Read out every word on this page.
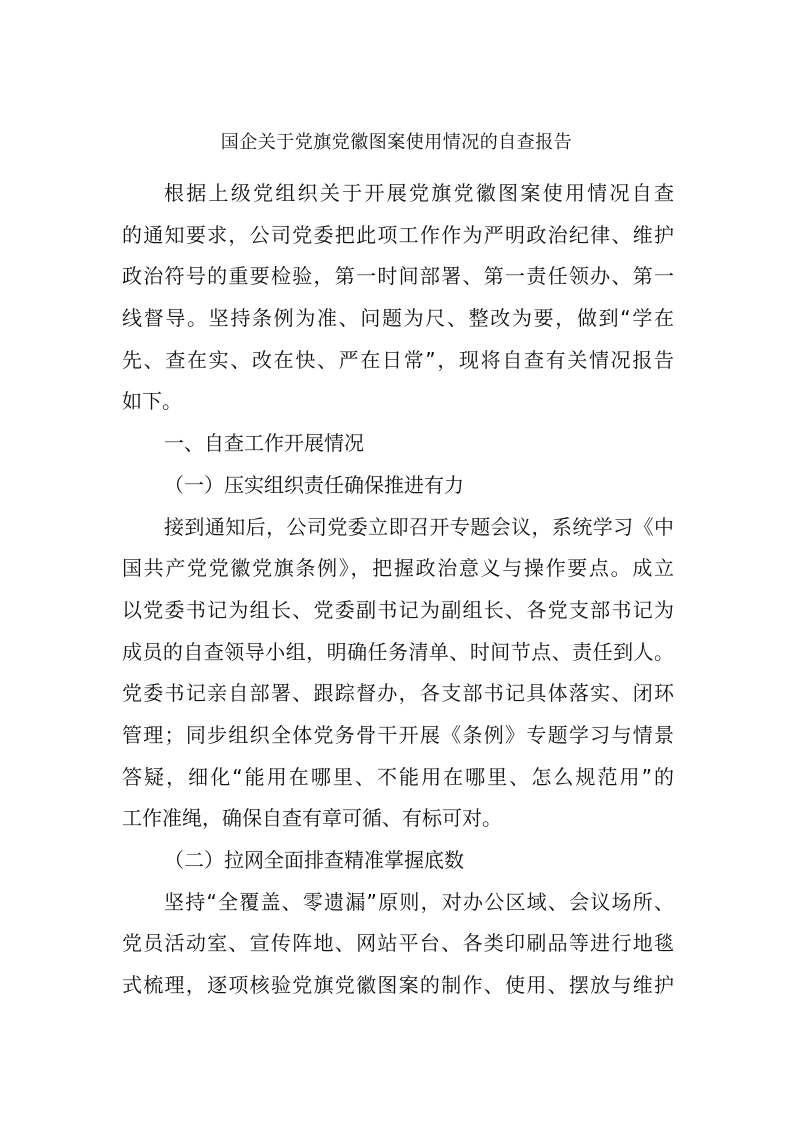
国企关于党旗党徽图案使用情况的自查报告
根据上级党组织关于开展党旗党徽图案使用情况自查
的通知要求，公司党委把此项工作作为严明政治纪律、维护
政治符号的重要检验，第一时间部署、第一责任领办、第一
线督导。坚持条例为准、问题为尺、整改为要，做到“学在
先、查在实、改在快、严在日常”，现将自查有关情况报告
如下。
一、自查工作开展情况
（一）压实组织责任确保推进有力
接到通知后，公司党委立即召开专题会议，系统学习《中
国共产党党徽党旗条例》，把握政治意义与操作要点。成立
以党委书记为组长、党委副书记为副组长、各党支部书记为
成员的自查领导小组，明确任务清单、时间节点、责任到人。
党委书记亲自部署、跟踪督办，各支部书记具体落实、闭环
管理；同步组织全体党务骨干开展《条例》专题学习与情景
答疑，细化“能用在哪里、不能用在哪里、怎么规范用”的
工作准绳，确保自查有章可循、有标可对。
（二）拉网全面排查精准掌握底数
坚持“全覆盖、零遗漏”原则，对办公区域、会议场所、
党员活动室、宣传阵地、网站平台、各类印刷品等进行地毯
式梳理，逐项核验党旗党徽图案的制作、使用、摆放与维护
